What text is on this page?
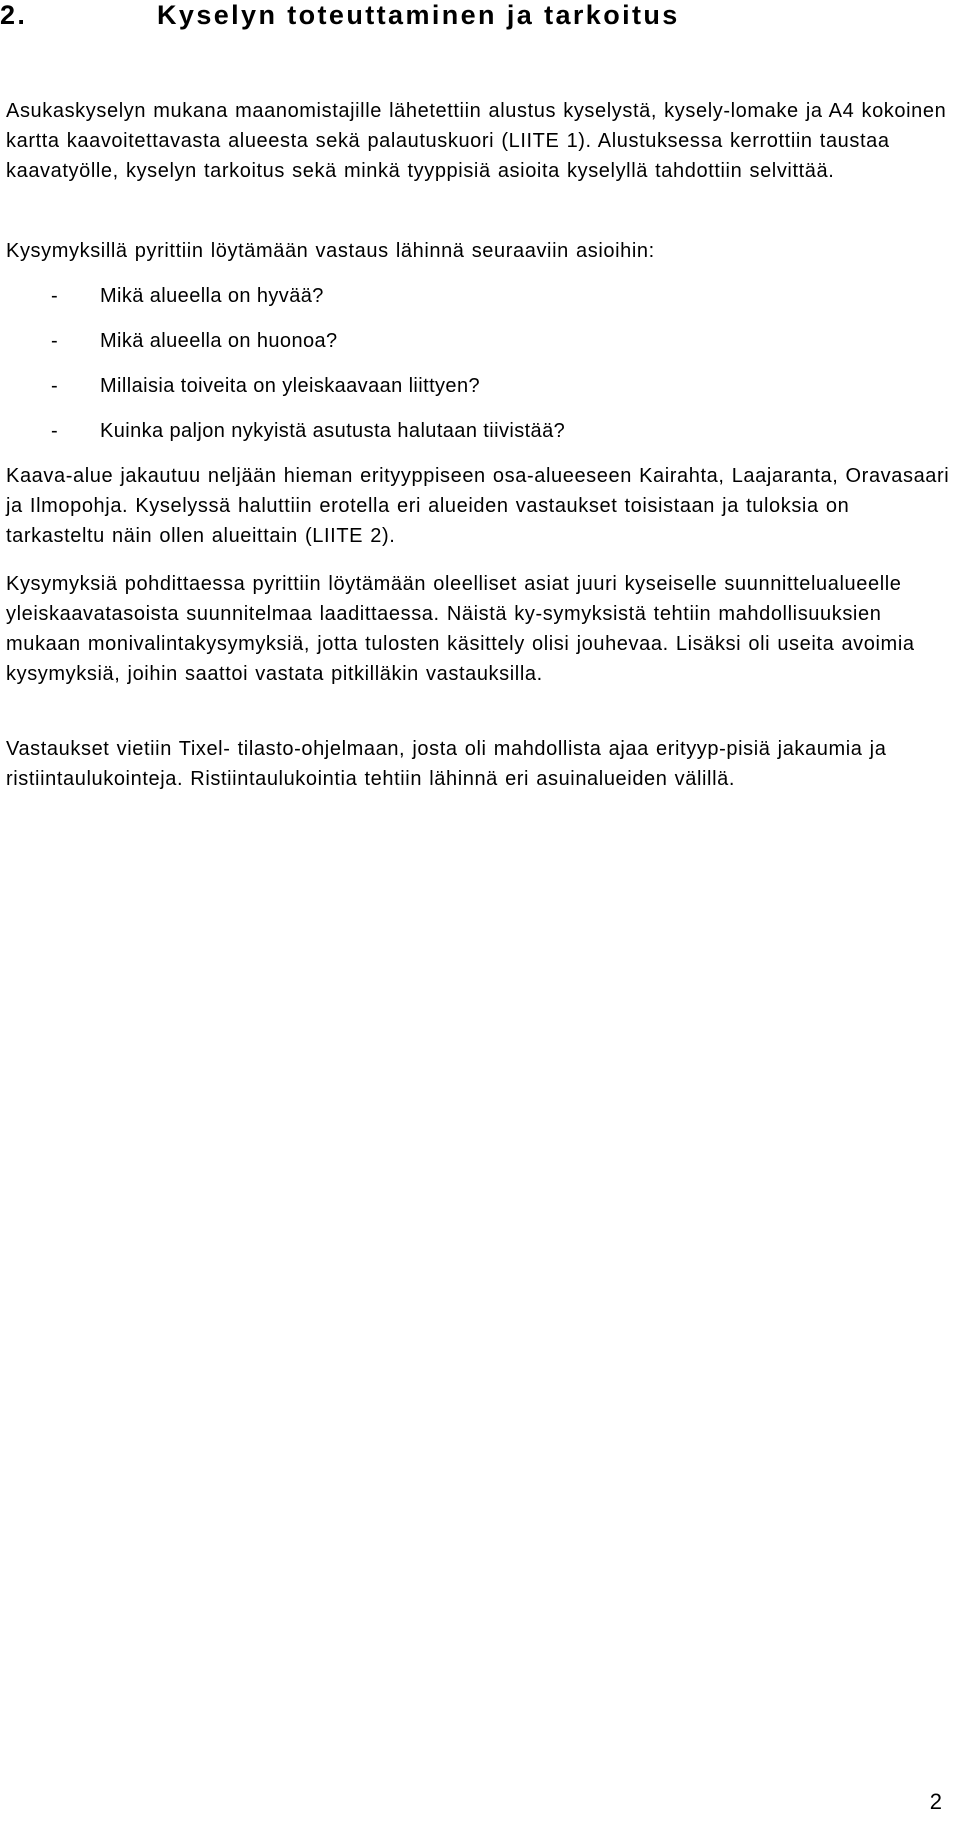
2.	Kyselyn toteuttaminen ja tarkoitus

Asukaskyselyn mukana maanomistajille lähetettiin alustus kyselystä, kysely-lomake ja A4 kokoinen kartta kaavoitettavasta alueesta sekä palautuskuori (LIITE 1). Alustuksessa kerrottiin taustaa kaavatyölle, kyselyn tarkoitus sekä minkä tyyppisiä asioita kyselyllä tahdottiin selvittää.

Kysymyksillä pyrittiin löytämään vastaus lähinnä seuraaviin asioihin:

- Mikä alueella on hyvää?
- Mikä alueella on huonoa?
- Millaisia toiveita on yleiskaavaan liittyen?
- Kuinka paljon nykyistä asutusta halutaan tiivistää?

Kaava-alue jakautuu neljään hieman erityyppiseen osa-alueeseen Kairahta, Laajaranta, Oravasaari ja Ilmopohja. Kyselyssä haluttiin erotella eri alueiden vastaukset toisistaan ja tuloksia on tarkasteltu näin ollen alueittain (LIITE 2).

Kysymyksiä pohdittaessa pyrittiin löytämään oleelliset asiat juuri kyseiselle suunnittelualueelle yleiskaavatasoista suunnitelmaa laadittaessa. Näistä ky-symyksistä tehtiin mahdollisuuksien mukaan monivalintakysymyksiä, jotta tulosten käsittely olisi jouhevaa. Lisäksi oli useita avoimia kysymyksiä, joihin saattoi vastata pitkilläkin vastauksilla.

Vastaukset vietiin Tixel- tilasto-ohjelmaan, josta oli mahdollista ajaa erityyp-pisiä jakaumia ja ristiintaulukointeja. Ristiintaulukointia tehtiin lähinnä eri asuinalueiden välillä.

2
